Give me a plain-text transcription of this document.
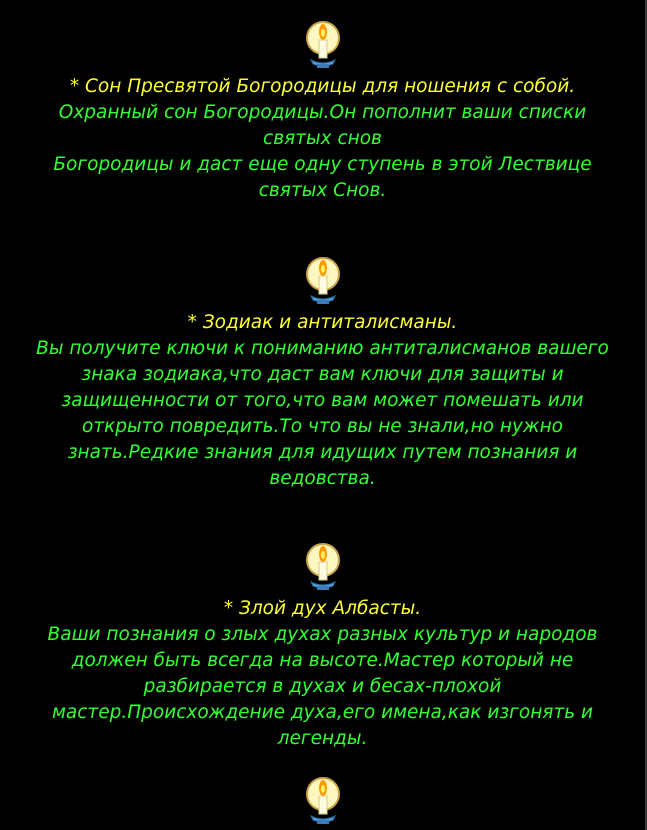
* Сон Пресвятой Богородицы для ношения с собой.
Охранный сон Богородицы.Он пополнит ваши списки
святых снов
Богородицы и даст еще одну ступень в этой Лествице
святых Снов.
* Зодиак и антиталисманы.
Вы получите ключи к пониманию антиталисманов вашего
знака зодиака,что даст вам ключи для защиты и
защищенности от того,что вам может помешать или
открыто повредить.То что вы не знали,но нужно
знать.Редкие знания для идущих путем познания и
ведовства.
* Злой дух Албасты.
Ваши познания о злых духах разных культур и народов
должен быть всегда на высоте.Мастер который не
разбирается в духах и бесах-плохой
мастер.Происхождение духа,его имена,как изгонять и
легенды.
